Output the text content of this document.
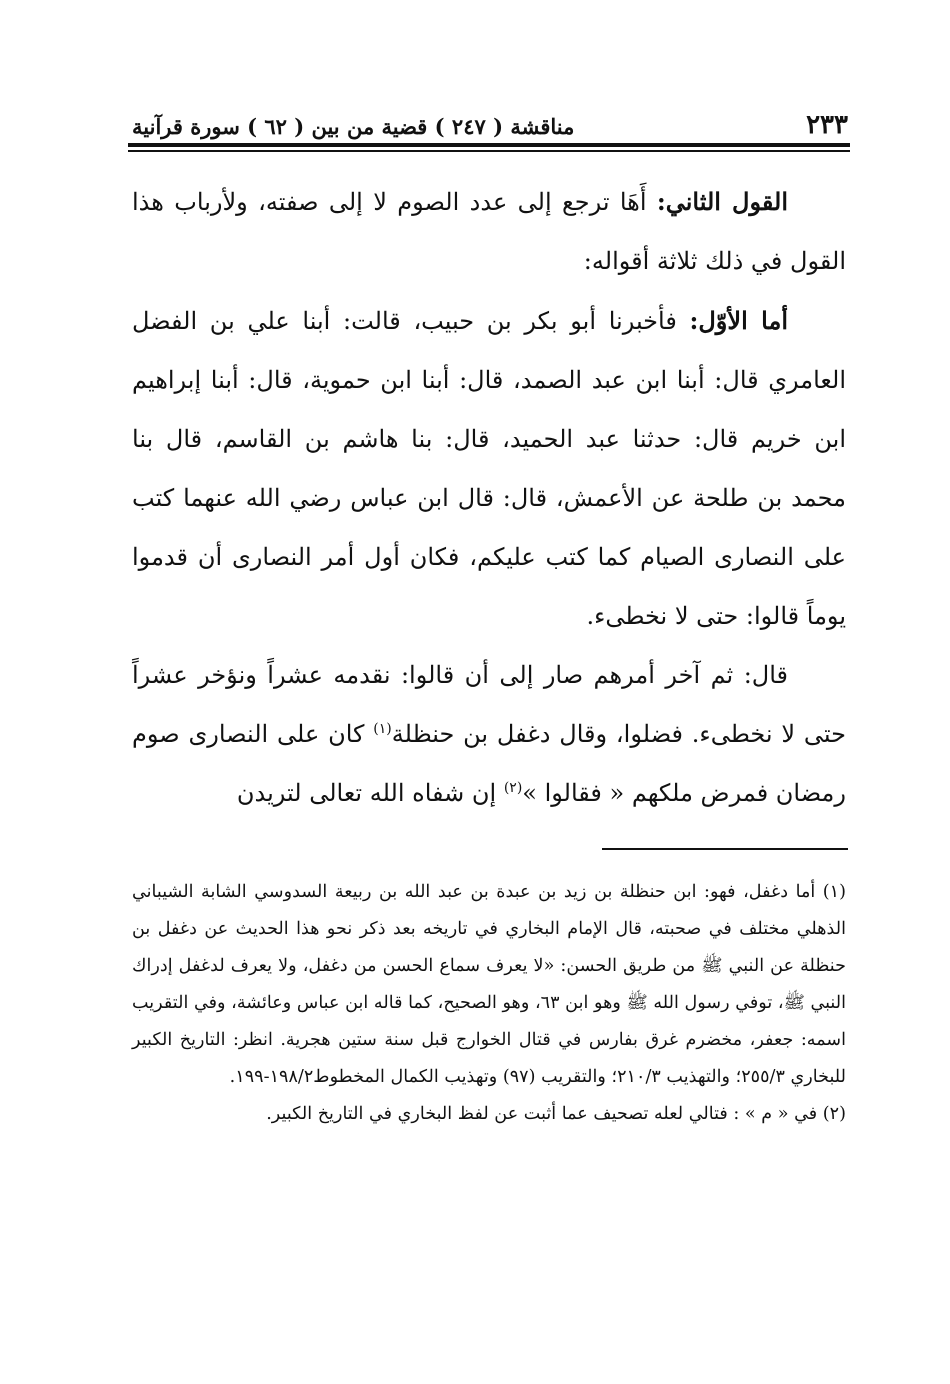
٢٣٣
مناقشة ( ٢٤٧ ) قضية من بين ( ٦٢ ) سورة قرآنية

القول الثاني: أَهَا ترجع إلى عدد الصوم لا إلى صفته، ولأرباب هذا القول في ذلك ثلاثة أقواله:

أما الأوّل: فأخبرنا أبو بكر بن حبيب، قالت: أبنا علي بن الفضل العامري قال: أبنا ابن عبد الصمد، قال: أبنا ابن حموية، قال: أبنا إبراهيم ابن خريم قال: حدثنا عبد الحميد، قال: بنا هاشم بن القاسم، قال بنا محمد بن طلحة عن الأعمش، قال: قال ابن عباس رضي الله عنهما كتب على النصارى الصيام كما كتب عليكم، فكان أول أمر النصارى أن قدموا يوماً قالوا: حتى لا نخطىء.

قال: ثم آخر أمرهم صار إلى أن قالوا: نقدمه عشراً ونؤخر عشراً حتى لا نخطىء. فضلوا، وقال دغفل بن حنظلة$^{(١)}$ كان على النصارى صوم رمضان فمرض ملكهم « فقالوا »$^{(٢)}$ إن شفاه الله تعالى لتريدن

(١) أما دغفل، فهو: ابن حنظلة بن زيد بن عبدة بن عبد الله بن ربيعة السدوسي الشابة الشيباني الذهلي مختلف في صحبته، قال الإمام البخاري في تاريخه بعد ذكر نحو هذا الحديث عن دغفل بن حنظلة عن النبي ﷺ من طريق الحسن: «لا يعرف سماع الحسن من دغفل، ولا يعرف لدغفل إدراك النبي ﷺ، توفي رسول الله ﷺ وهو ابن ٦٣، وهو الصحيح، كما قاله ابن عباس وعائشة، وفي التقريب اسمه: جعفر، مخضرم غرق بفارس في قتال الخوارج قبل سنة ستين هجرية. انظر: التاريخ الكبير للبخاري ٢٥٥/٣؛ والتهذيب ٢١٠/٣؛ والتقريب (٩٧) وتهذيب الكمال المخطوط١٩٨/٢-١٩٩.

(٢) في « م » : فتالي لعله تصحيف عما أثبت عن لفظ البخاري في التاريخ الكبير.
